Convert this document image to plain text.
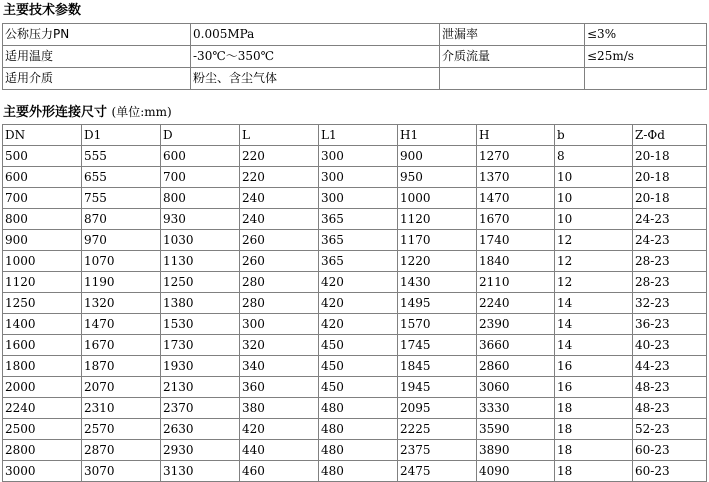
主要技术参数
公称压力PN	0.005MPa	泄漏率	≤3%
适用温度	-30℃～350℃	介质流量	≤25m/s
适用介质	粉尘、含尘气体		
主要外形连接尺寸 (单位:mm)
DN	D1	D	L	L1	H1	H	b	Z-Φd
500	555	600	220	300	900	1270	8	20-18
600	655	700	220	300	950	1370	10	20-18
700	755	800	240	300	1000	1470	10	20-18
800	870	930	240	365	1120	1670	10	24-23
900	970	1030	260	365	1170	1740	12	24-23
1000	1070	1130	260	365	1220	1840	12	28-23
1120	1190	1250	280	420	1430	2110	12	28-23
1250	1320	1380	280	420	1495	2240	14	32-23
1400	1470	1530	300	420	1570	2390	14	36-23
1600	1670	1730	320	450	1745	3660	14	40-23
1800	1870	1930	340	450	1845	2860	16	44-23
2000	2070	2130	360	450	1945	3060	16	48-23
2240	2310	2370	380	480	2095	3330	18	48-23
2500	2570	2630	420	480	2225	3590	18	52-23
2800	2870	2930	440	480	2375	3890	18	60-23
3000	3070	3130	460	480	2475	4090	18	60-23
